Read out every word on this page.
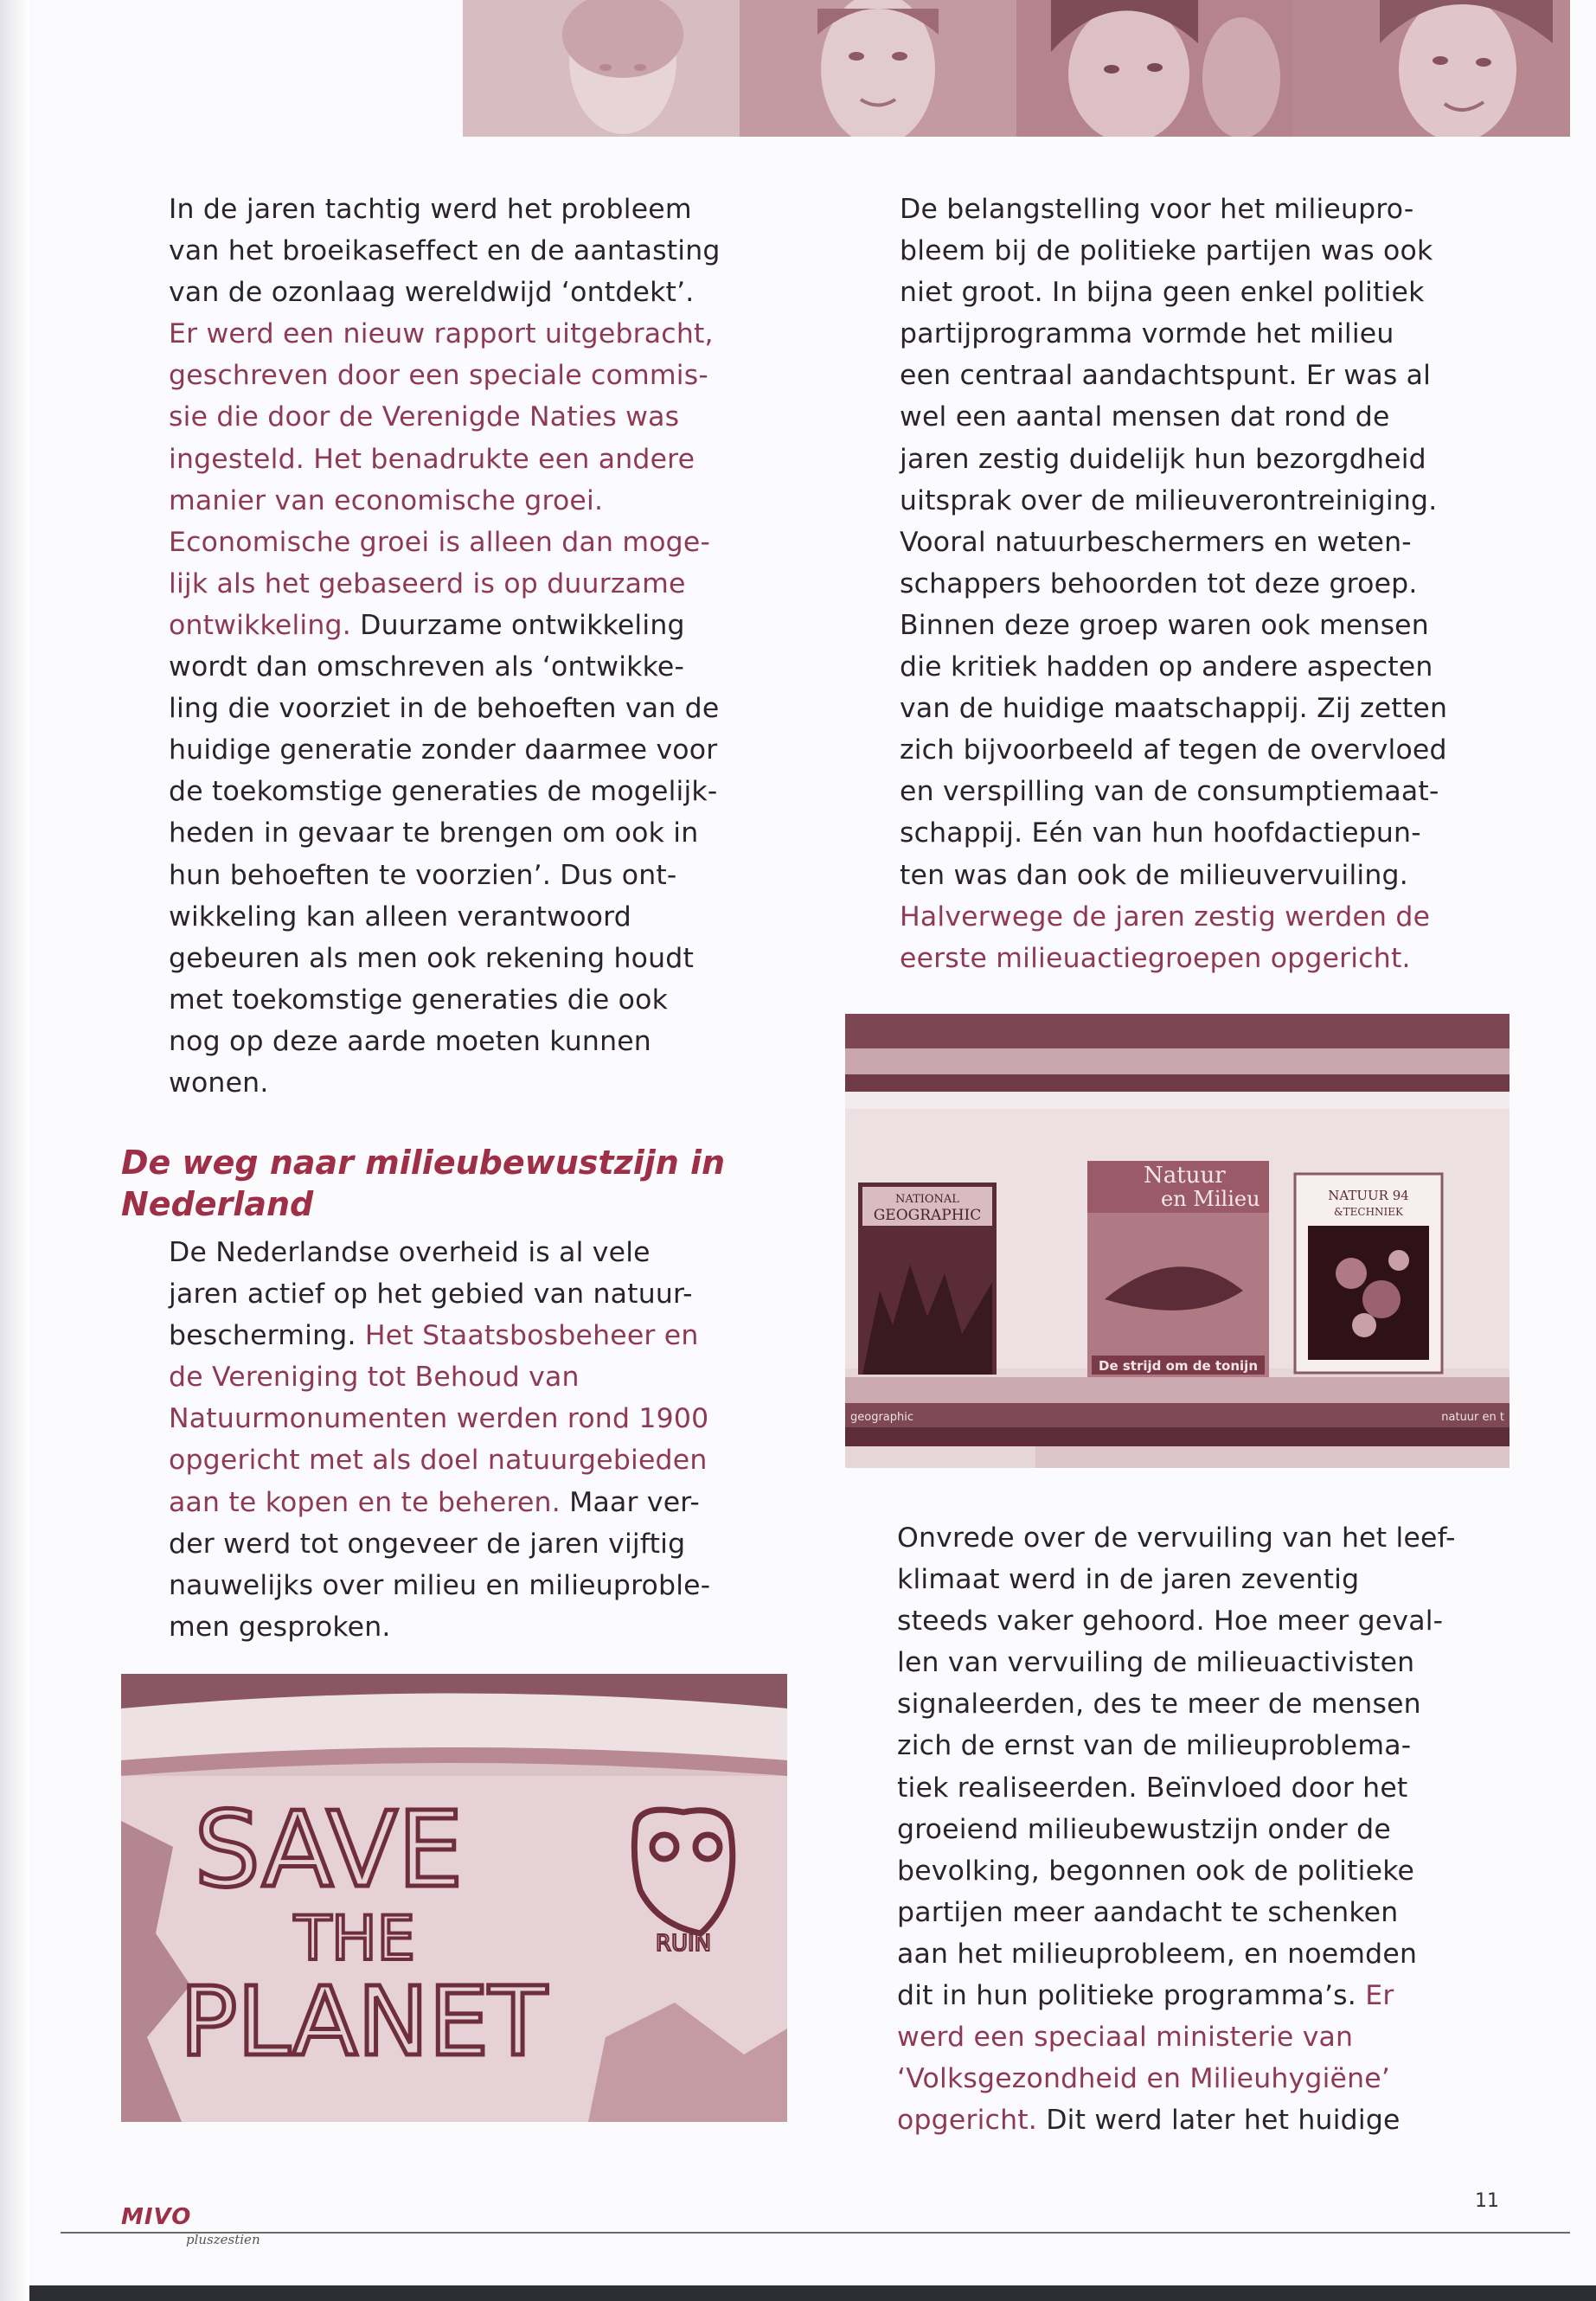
In de jaren tachtig werd het probleem

van het broeikaseffect en de aantasting

van de ozonlaag wereldwijd ‘ontdekt’.

Er werd een nieuw rapport uitgebracht,

geschreven door een speciale commis-

sie die door de Verenigde Naties was

ingesteld. Het benadrukte een andere

manier van economische groei.

Economische groei is alleen dan moge-

lijk als het gebaseerd is op duurzame

ontwikkeling. Duurzame ontwikkeling

wordt dan omschreven als ‘ontwikke-

ling die voorziet in de behoeften van de

huidige generatie zonder daarmee voor

de toekomstige generaties de mogelijk-

heden in gevaar te brengen om ook in

hun behoeften te voorzien’. Dus ont-

wikkeling kan alleen verantwoord

gebeuren als men ook rekening houdt

met toekomstige generaties die ook

nog op deze aarde moeten kunnen

wonen.

De weg naar milieubewustzijn in
Nederland

De Nederlandse overheid is al vele

jaren actief op het gebied van natuur-

bescherming. Het Staatsbosbeheer en

de Vereniging tot Behoud van

Natuurmonumenten werden rond 1900

opgericht met als doel natuurgebieden

aan te kopen en te beheren. Maar ver-

der werd tot ongeveer de jaren vijftig

nauwelijks over milieu en milieuproble-

men gesproken.

De belangstelling voor het milieupro-

bleem bij de politieke partijen was ook

niet groot. In bijna geen enkel politiek

partijprogramma vormde het milieu

een centraal aandachtspunt. Er was al

wel een aantal mensen dat rond de

jaren zestig duidelijk hun bezorgdheid

uitsprak over de milieuverontreiniging.

Vooral natuurbeschermers en weten-

schappers behoorden tot deze groep.

Binnen deze groep waren ook mensen

die kritiek hadden op andere aspecten

van de huidige maatschappij. Zij zetten

zich bijvoorbeeld af tegen de overvloed

en verspilling van de consumptiemaat-

schappij. Eén van hun hoofdactiepun-

ten was dan ook de milieuvervuiling.

Halverwege de jaren zestig werden de

eerste milieuactiegroepen opgericht.

NATIONAL
GEOGRAPHIC
Natuur
en Milieu
De strijd om de tonijn
NATUUR 94
&TECHNIEK
geographic	natuur en t

Onvrede over de vervuiling van het leef-

klimaat werd in de jaren zeventig

steeds vaker gehoord. Hoe meer geval-

len van vervuiling de milieuactivisten

signaleerden, des te meer de mensen

zich de ernst van de milieuproblema-

tiek realiseerden. Beïnvloed door het

groeiend milieubewustzijn onder de

bevolking, begonnen ook de politieke

partijen meer aandacht te schenken

aan het milieuprobleem, en noemden

dit in hun politieke programma’s. Er

werd een speciaal ministerie van

‘Volksgezondheid en Milieuhygiëne’

opgericht. Dit werd later het huidige

SAVE
THE
PLANET
RUIN
MIVO
pluszestien
11
